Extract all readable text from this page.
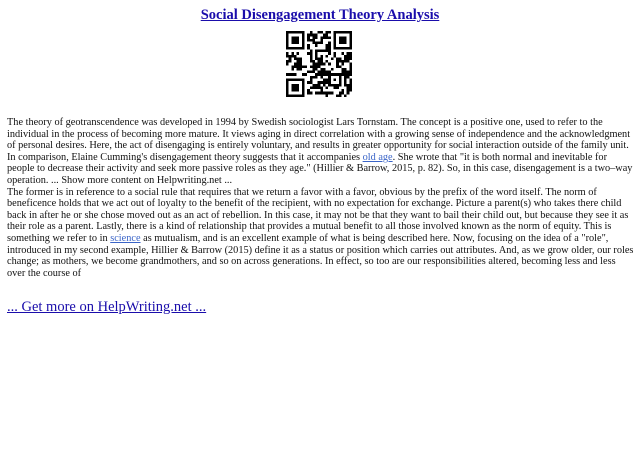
Social Disengagement Theory Analysis

The theory of geotranscendence was developed in 1994 by Swedish sociologist Lars Tornstam. The concept is a positive one, used to refer to the individual in the process of becoming more mature. It views aging in direct correlation with a growing sense of independence and the acknowledgment of personal desires. Here, the act of disengaging is entirely voluntary, and results in greater opportunity for social interaction outside of the family unit. In comparison, Elaine Cumming's disengagement theory suggests that it accompanies old age. She wrote that "it is both normal and inevitable for people to decrease their activity and seek more passive roles as they age." (Hillier & Barrow, 2015, p. 82). So, in this case, disengagement is a two–way operation. ... Show more content on Helpwriting.net ...

The former is in reference to a social rule that requires that we return a favor with a favor, obvious by the prefix of the word itself. The norm of beneficence holds that we act out of loyalty to the benefit of the recipient, with no expectation for exchange. Picture a parent(s) who takes there child back in after he or she chose moved out as an act of rebellion. In this case, it may not be that they want to bail their child out, but because they see it as their role as a parent. Lastly, there is a kind of relationship that provides a mutual benefit to all those involved known as the norm of equity. This is something we refer to in science as mutualism, and is an excellent example of what is being described here. Now, focusing on the idea of a "role", introduced in my second example, Hillier & Barrow (2015) define it as a status or position which carries out attributes. And, as we grow older, our roles change; as mothers, we become grandmothers, and so on across generations. In effect, so too are our responsibilities altered, becoming less and less over the course of

... Get more on HelpWriting.net ...
